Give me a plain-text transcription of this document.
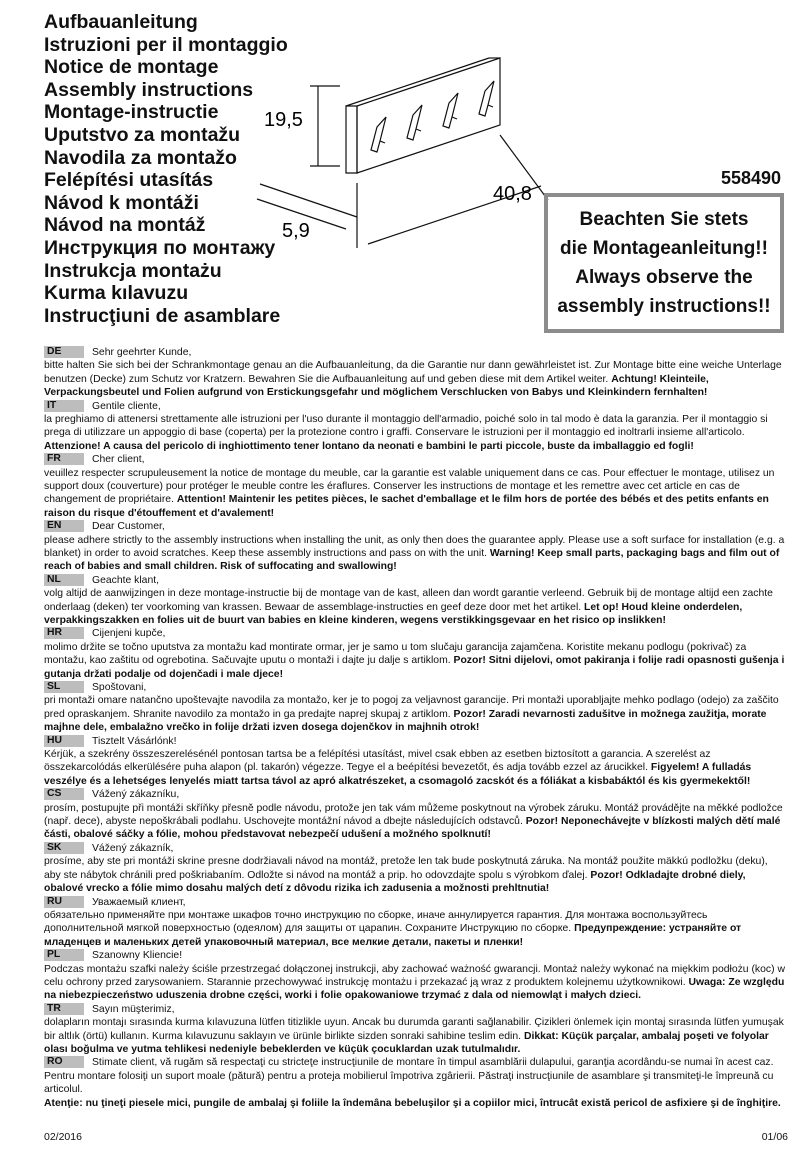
Aufbauanleitung
Istruzioni per il montaggio
Notice de montage
Assembly instructions
Montage-instructie
Uputstvo za montažu
Navodila za montažo
Felépítési utasítás
Návod k montáži
Návod na montáž
Инструкция по монтажу
Instrukcja montażu
Kurma kılavuzu
Instrucţiuni de asamblare
19,5
40,8
5,9
558490
Beachten Sie stets
die Montageanleitung!!
Always observe the
assembly instructions!!
DE	Sehr geehrter Kunde,

bitte halten Sie sich bei der Schrankmontage genau an die Aufbauanleitung, da die Garantie nur dann gewährleistet ist. Zur Montage bitte eine weiche Unterlage benutzen (Decke) zum Schutz vor Kratzern. Bewahren Sie die Aufbauanleitung auf und geben diese mit dem Artikel weiter. Achtung! Kleinteile, Verpackungsbeutel und Folien aufgrund von Erstickungsgefahr und möglichem Verschlucken von Babys und Kleinkindern fernhalten!

IT	Gentile cliente,

la preghiamo di attenersi strettamente alle istruzioni per l'uso durante il montaggio dell'armadio, poiché solo in tal modo è data la garanzia. Per il montaggio si prega di utilizzare un appoggio di base (coperta) per la protezione contro i graffi. Conservare le istruzioni per il montaggio ed inoltrarli insieme all'articolo. Attenzione! A causa del pericolo di inghiottimento tener lontano da neonati e bambini le parti piccole, buste da imballaggio ed fogli!

FR	Cher client,

veuillez respecter scrupuleusement la notice de montage du meuble, car la garantie est valable uniquement dans ce cas. Pour effectuer le montage, utilisez un support doux (couverture) pour protéger le meuble contre les éraflures. Conserver les instructions de montage et les remettre avec cet article en cas de changement de propriétaire. Attention! Maintenir les petites pièces, le sachet d'emballage et le film hors de portée des bébés et des petits enfants en raison du risque d'étouffement et d'avalement!

EN	Dear Customer,

please adhere strictly to the assembly instructions when installing the unit, as only then does the guarantee apply. Please use a soft surface for installation (e.g. a blanket) in order to avoid scratches. Keep these assembly instructions and pass on with the unit. Warning! Keep small parts, packaging bags and film out of reach of babies and small children. Risk of suffocating and swallowing!

NL	Geachte klant,

volg altijd de aanwijzingen in deze montage-instructie bij de montage van de kast, alleen dan wordt garantie verleend. Gebruik bij de montage altijd een zachte onderlaag (deken) ter voorkoming van krassen. Bewaar de assemblage-instructies en geef deze door met het artikel. Let op! Houd kleine onderdelen, verpakkingszakken en folies uit de buurt van babies en kleine kinderen, wegens verstikkingsgevaar en het risico op inslikken!

HR	Cijenjeni kupče,

molimo držite se točno uputstva za montažu kad montirate ormar, jer je samo u tom slučaju garancija zajamčena. Koristite mekanu podlogu (pokrivač) za montažu, kao zaštitu od ogrebotina. Sačuvajte uputu o montaži i dajte ju dalje s artiklom. Pozor! Sitni dijelovi, omot pakiranja i folije radi opasnosti gušenja i gutanja držati podalje od dojenčadi i male djece!

SL	Spoštovani,

pri montaži omare natančno upoštevajte navodila za montažo, ker je to pogoj za veljavnost garancije. Pri montaži uporabljajte mehko podlago (odejo) za zaščito pred opraskanjem. Shranite navodilo za montažo in ga predajte naprej skupaj z artiklom. Pozor! Zaradi nevarnosti zadušitve in možnega zaužitja, morate majhne dele, embalažno vrečko in folije držati izven dosega dojenčkov in majhnih otrok!

HU	Tisztelt Vásárlónk!

Kérjük, a szekrény összeszerelésénél pontosan tartsa be a felépítési utasítást, mivel csak ebben az esetben biztosított a garancia. A szerelést az összekarcolódás elkerülésére puha alapon (pl. takarón) végezze. Tegye el a beépítési bevezetőt, és adja tovább ezzel az árucikkel. Figyelem! A fulladás veszélye és a lehetséges lenyelés miatt tartsa távol az apró alkatrészeket, a csomagoló zacskót és a fóliákat a kisbabáktól és kis gyermekektől!

CS	Vážený zákazníku,

prosím, postupujte při montáži skříňky přesně podle návodu, protože jen tak vám můžeme poskytnout na výrobek záruku. Montáž provádějte na měkké podložce (např. dece), abyste nepoškrábali podlahu. Uschovejte montážní návod a dbejte následujících odstavců. Pozor! Neponechávejte v blízkosti malých dětí malé části, obalové sáčky a fólie, mohou představovat nebezpečí udušení a možného spolknutí!

SK	Vážený zákazník,

prosíme, aby ste pri montáži skrine presne dodržiavali návod na montáž, pretože len tak bude poskytnutá záruka. Na montáž použite mäkkú podložku (deku), aby ste nábytok chránili pred poškriabaním. Odložte si návod na montáž a prip. ho odovzdajte spolu s výrobkom ďalej. Pozor! Odkladajte drobné diely, obalové vrecko a fólie mimo dosahu malých detí z dôvodu rizika ich zadusenia a možnosti prehltnutia!

RU	Уважаемый клиент,

обязательно применяйте при монтаже шкафов точно инструкцию по сборке, иначе аннулируется гарантия. Для монтажа воспользуйтесь дополнительной мягкой поверхностью (одеялом) для защиты от царапин. Сохраните Инструкцию по сборке. Предупреждение: устраняйте от младенцев и маленьких детей упаковочный материал, все мелкие детали, пакеты и пленки!

PL	Szanowny Kliencie!

Podczas montażu szafki należy ściśle przestrzegać dołączonej instrukcji, aby zachować ważność gwarancji. Montaż należy wykonać na miękkim podłożu (koc) w celu ochrony przed zarysowaniem. Starannie przechowywać instrukcję montażu i przekazać ją wraz z produktem kolejnemu użytkownikowi. Uwaga: Ze względu na niebezpieczeństwo uduszenia drobne części, worki i folie opakowaniowe trzymać z dala od niemowląt i małych dzieci.

TR	Sayın müşterimiz,

dolapların montajı sırasında kurma kılavuzuna lütfen titizlikle uyun. Ancak bu durumda garanti sağlanabilir. Çizikleri önlemek için montaj sırasında lütfen yumuşak bir altlık (örtü) kullanın. Kurma kılavuzunu saklayın ve ürünle birlikte sizden sonraki sahibine teslim edin. Dikkat: Küçük parçalar, ambalaj poşeti ve folyolar olası boğulma ve yutma tehlikesi nedeniyle bebeklerden ve küçük çocuklardan uzak tutulmalıdır.

RO	Stimate client, vă rugăm să respectaţi cu stricteţe instrucţiunile de montare în timpul asamblării dulapului, garanţia acordându-se numai în acest caz. Pentru montare folosiţi un suport moale (pătură) pentru a proteja mobilierul împotriva zgârierii. Păstraţi instrucţiunile de asamblare şi transmiteţi-le împreună cu articolul.

Atenţie: nu ţineţi piesele mici, pungile de ambalaj şi foliile la îndemâna bebeluşilor şi a copiilor mici, întrucât există pericol de asfixiere şi de înghiţire.

02/2016	01/06
